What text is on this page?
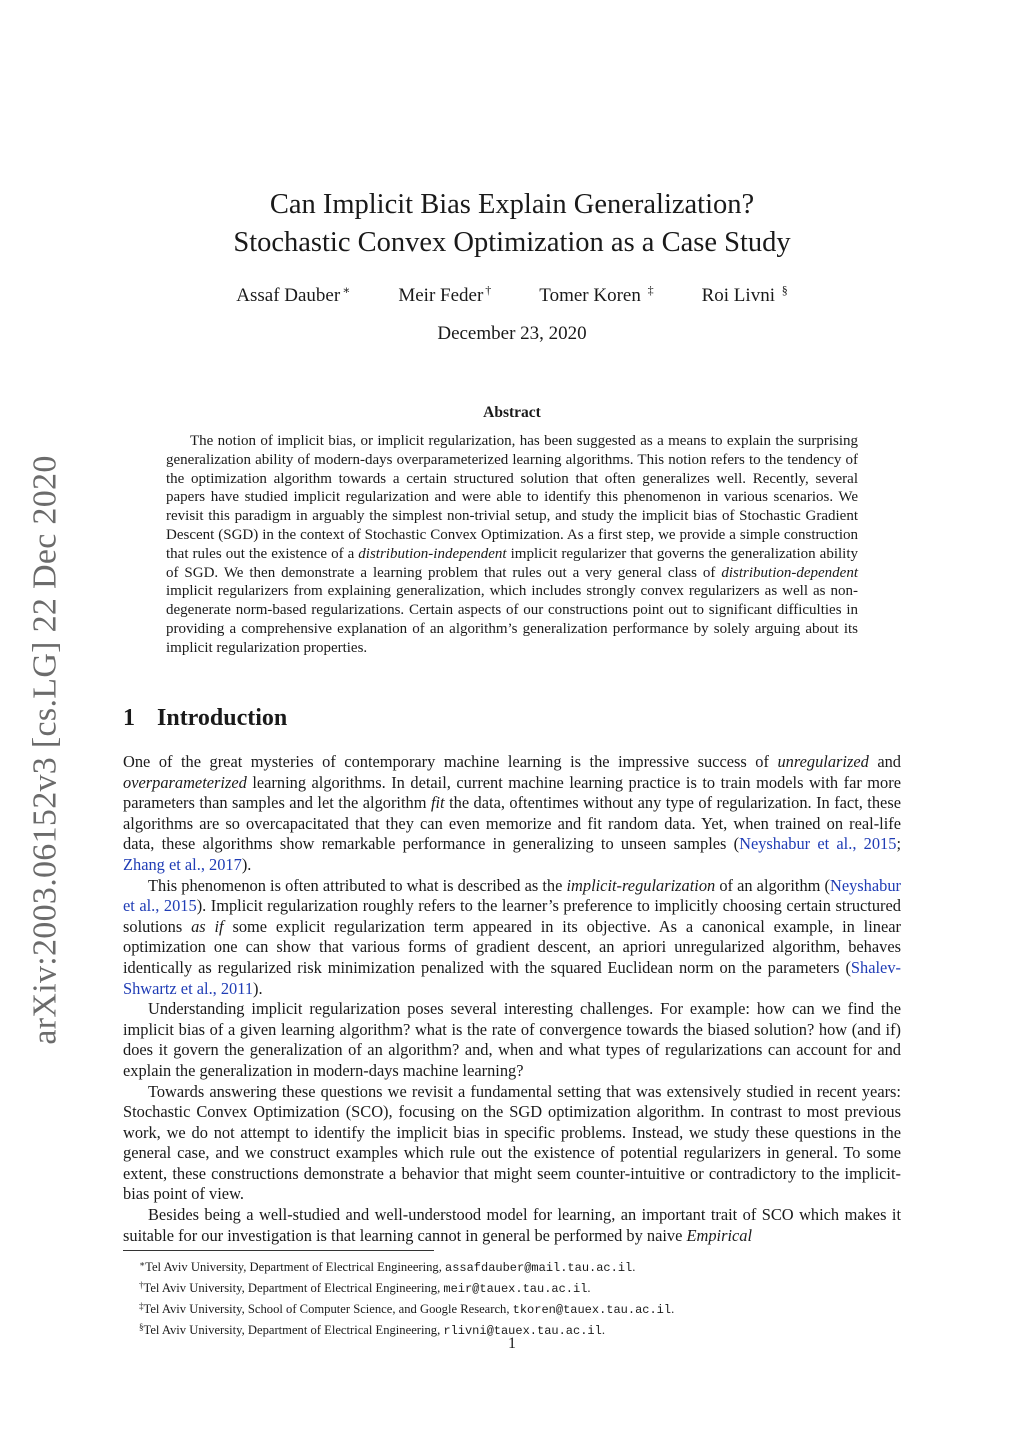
arXiv:2003.06152v3 [cs.LG] 22 Dec 2020
Can Implicit Bias Explain Generalization?
Stochastic Convex Optimization as a Case Study
Assaf Dauber ∗	Meir Feder †	Tomer Koren ‡	Roi Livni §
December 23, 2020
Abstract

The notion of implicit bias, or implicit regularization, has been suggested as a means to explain the surprising generalization ability of modern-days overparameterized learning algorithms. This notion refers to the tendency of the optimization algorithm towards a certain structured solution that often generalizes well. Recently, several papers have studied implicit regularization and were able to identify this phenomenon in various scenarios. We revisit this paradigm in arguably the simplest non-trivial setup, and study the implicit bias of Stochastic Gradient Descent (SGD) in the context of Stochastic Convex Optimization. As a first step, we provide a simple construction that rules out the existence of a distribution-independent implicit regularizer that governs the generalization ability of SGD. We then demonstrate a learning problem that rules out a very general class of distribution-dependent implicit regularizers from explaining generalization, which includes strongly convex regularizers as well as non-degenerate norm-based regularizations. Certain aspects of our constructions point out to significant difficulties in providing a comprehensive explanation of an algorithm’s generalization performance by solely arguing about its implicit regularization properties.

1 Introduction

One of the great mysteries of contemporary machine learning is the impressive success of unregularized and overparameterized learning algorithms. In detail, current machine learning practice is to train models with far more parameters than samples and let the algorithm fit the data, oftentimes without any type of regularization. In fact, these algorithms are so overcapacitated that they can even memorize and fit random data. Yet, when trained on real-life data, these algorithms show remarkable performance in generalizing to unseen samples (Neyshabur et al., 2015; Zhang et al., 2017).

This phenomenon is often attributed to what is described as the implicit-regularization of an algorithm (Neyshabur et al., 2015). Implicit regularization roughly refers to the learner’s preference to implicitly choosing certain structured solutions as if some explicit regularization term appeared in its objective. As a canonical example, in linear optimization one can show that various forms of gradient descent, an apriori unregularized algorithm, behaves identically as regularized risk minimization penalized with the squared Euclidean norm on the parameters (Shalev-Shwartz et al., 2011).

Understanding implicit regularization poses several interesting challenges. For example: how can we find the implicit bias of a given learning algorithm? what is the rate of convergence towards the biased solution? how (and if) does it govern the generalization of an algorithm? and, when and what types of regularizations can account for and explain the generalization in modern-days machine learning?

Towards answering these questions we revisit a fundamental setting that was extensively studied in recent years: Stochastic Convex Optimization (SCO), focusing on the SGD optimization algorithm. In contrast to most previous work, we do not attempt to identify the implicit bias in specific problems. Instead, we study these questions in the general case, and we construct examples which rule out the existence of potential regularizers in general. To some extent, these constructions demonstrate a behavior that might seem counter-intuitive or contradictory to the implicit-bias point of view.

Besides being a well-studied and well-understood model for learning, an important trait of SCO which makes it suitable for our investigation is that learning cannot in general be performed by naive Empirical

∗Tel Aviv University, Department of Electrical Engineering, assafdauber@mail.tau.ac.il.
†Tel Aviv University, Department of Electrical Engineering, meir@tauex.tau.ac.il.
‡Tel Aviv University, School of Computer Science, and Google Research, tkoren@tauex.tau.ac.il.
§Tel Aviv University, Department of Electrical Engineering, rlivni@tauex.tau.ac.il.
1
